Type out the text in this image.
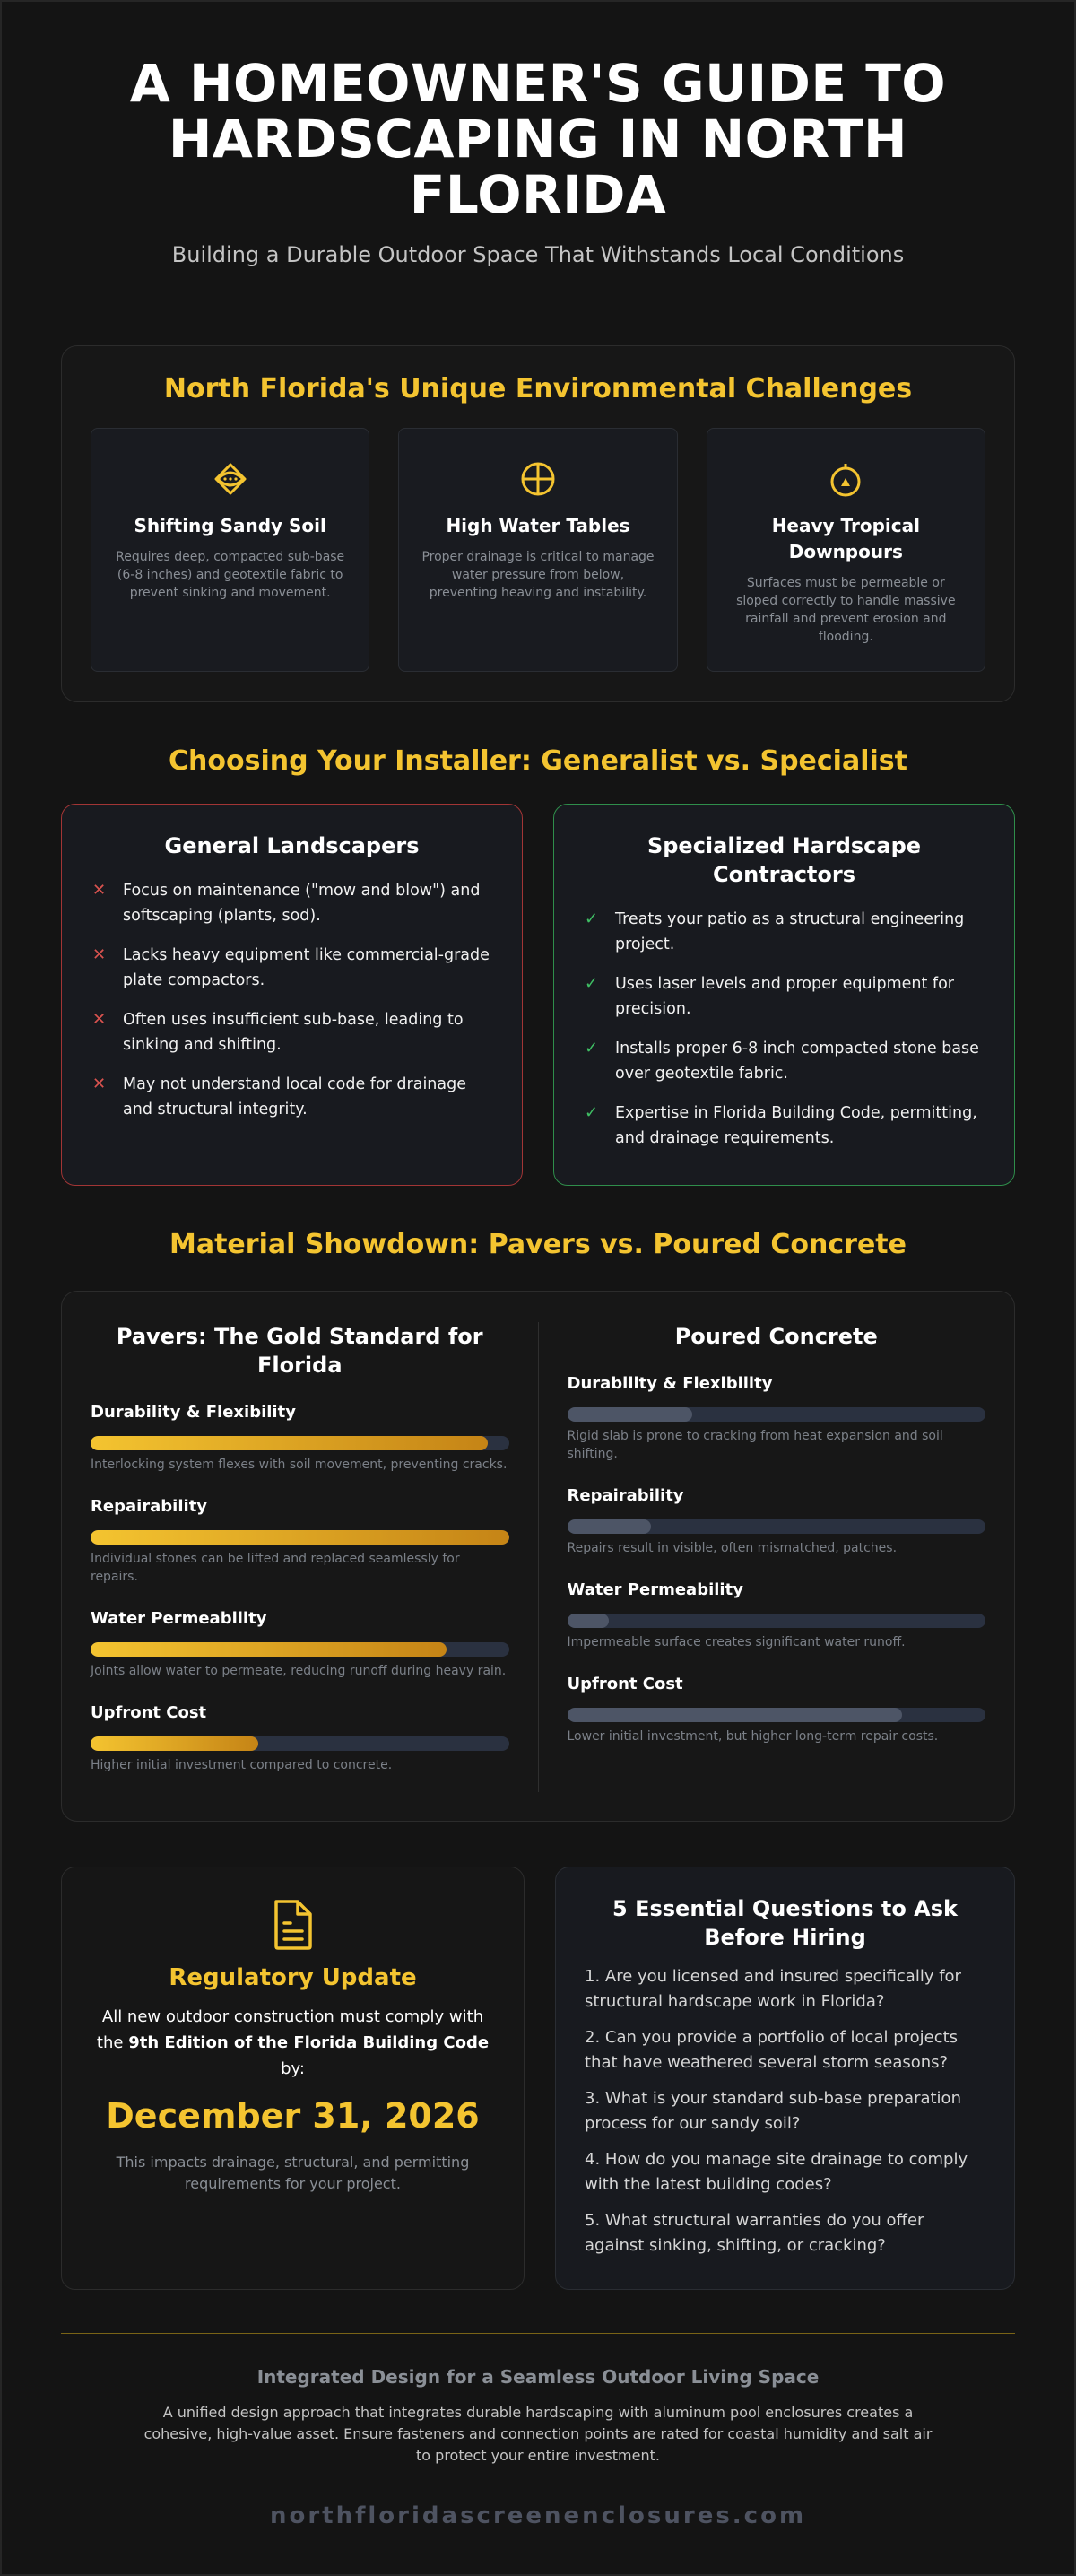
A HOMEOWNER'S GUIDE TO HARDSCAPING IN NORTH FLORIDA
Building a Durable Outdoor Space That Withstands Local Conditions
North Florida's Unique Environmental Challenges
Shifting Sandy Soil

Requires deep, compacted sub-base (6-8 inches) and geotextile fabric to prevent sinking and movement.

High Water Tables

Proper drainage is critical to manage water pressure from below, preventing heaving and instability.

Heavy Tropical Downpours

Surfaces must be permeable or sloped correctly to handle massive rainfall and prevent erosion and flooding.

Choosing Your Installer: Generalist vs. Specialist
General Landscapers
✕ Focus on maintenance ("mow and blow") and softscaping (plants, sod).
✕ Lacks heavy equipment like commercial-grade plate compactors.
✕ Often uses insufficient sub-base, leading to sinking and shifting.
✕ May not understand local code for drainage and structural integrity.
Specialized Hardscape Contractors
✓ Treats your patio as a structural engineering project.
✓ Uses laser levels and proper equipment for precision.
✓ Installs proper 6-8 inch compacted stone base over geotextile fabric.
✓ Expertise in Florida Building Code, permitting, and drainage requirements.
Material Showdown: Pavers vs. Poured Concrete
Pavers: The Gold Standard for Florida
Durability & Flexibility
Interlocking system flexes with soil movement, preventing cracks.
Repairability
Individual stones can be lifted and replaced seamlessly for repairs.
Water Permeability
Joints allow water to permeate, reducing runoff during heavy rain.
Upfront Cost
Higher initial investment compared to concrete.
Poured Concrete
Durability & Flexibility
Rigid slab is prone to cracking from heat expansion and soil shifting.
Repairability
Repairs result in visible, often mismatched, patches.
Water Permeability
Impermeable surface creates significant water runoff.
Upfront Cost
Lower initial investment, but higher long-term repair costs.
Regulatory Update
All new outdoor construction must comply with the 9th Edition of the Florida Building Code by:
December 31, 2026
This impacts drainage, structural, and permitting requirements for your project.
5 Essential Questions to Ask Before Hiring
1. Are you licensed and insured specifically for structural hardscape work in Florida?
2. Can you provide a portfolio of local projects that have weathered several storm seasons?
3. What is your standard sub-base preparation process for our sandy soil?
4. How do you manage site drainage to comply with the latest building codes?
5. What structural warranties do you offer against sinking, shifting, or cracking?
Integrated Design for a Seamless Outdoor Living Space
A unified design approach that integrates durable hardscaping with aluminum pool enclosures creates a cohesive, high-value asset. Ensure fasteners and connection points are rated for coastal humidity and salt air to protect your entire investment.
northfloridascreenenclosures.com
